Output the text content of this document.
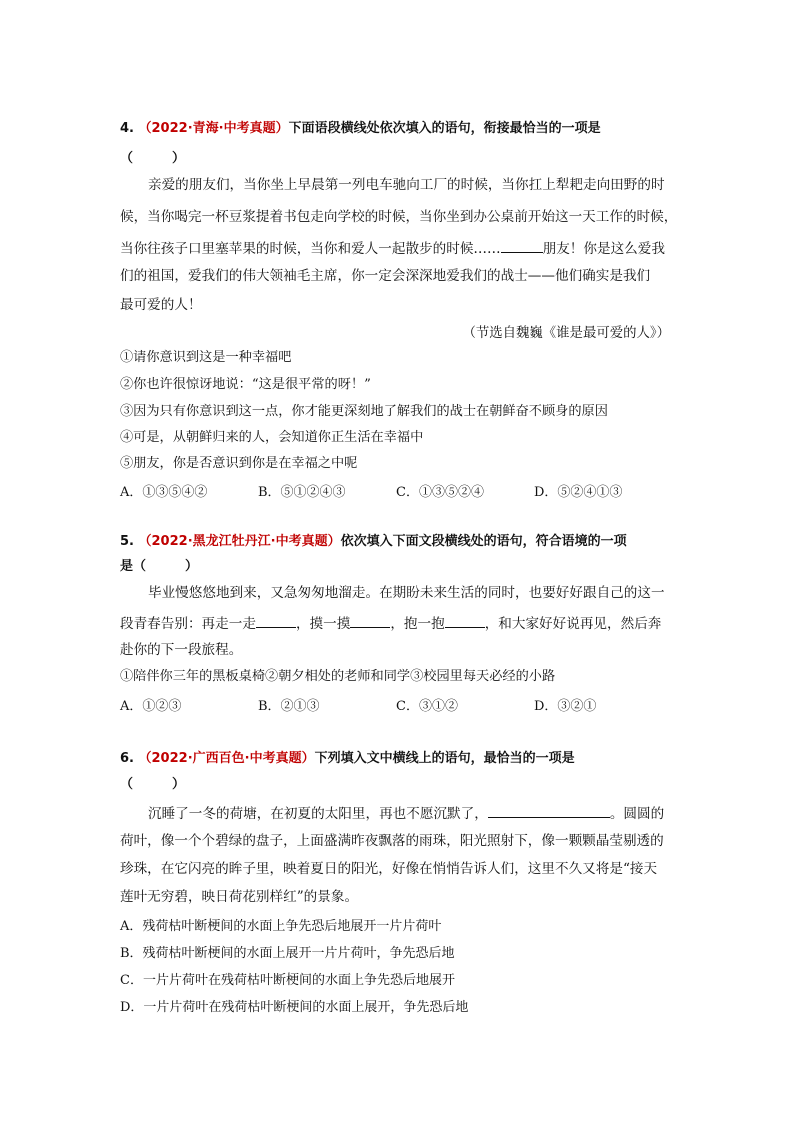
4. （2022·青海·中考真题）下面语段横线处依次填入的语句，衔接最恰当的一项是
（　　　）
亲爱的朋友们，当你坐上早晨第一列电车驰向工厂的时候，当你扛上犁耙走向田野的时
候，当你喝完一杯豆浆提着书包走向学校的时候，当你坐到办公桌前开始这一天工作的时候，
当你往孩子口里塞苹果的时候，当你和爱人一起散步的时候……	朋友！你是这么爱我
们的祖国，爱我们的伟大领袖毛主席，你一定会深深地爱我们的战士——他们确实是我们
最可爱的人！
（节选自魏巍《谁是最可爱的人》）
①请你意识到这是一种幸福吧
②你也许很惊讶地说：“这是很平常的呀！”
③因为只有你意识到这一点，你才能更深刻地了解我们的战士在朝鲜奋不顾身的原因
④可是，从朝鲜归来的人，会知道你正生活在幸福中
⑤朋友，你是否意识到你是在幸福之中呢
A．①③⑤④②	B．⑤①②④③	C．①③⑤②④	D．⑤②④①③
5. （2022·黑龙江牡丹江·中考真题）依次填入下面文段横线处的语句，符合语境的一项
是（　　　）
毕业慢悠悠地到来，又急匆匆地溜走。在期盼未来生活的同时，也要好好跟自己的这一
段青春告别：再走一走	，摸一摸	，抱一抱	，和大家好好说再见，然后奔
赴你的下一段旅程。
①陪伴你三年的黑板桌椅②朝夕相处的老师和同学③校园里每天必经的小路
A．①②③	B．②①③	C．③①②	D．③②①
6. （2022·广西百色·中考真题）下列填入文中横线上的语句，最恰当的一项是
（　　　）
沉睡了一冬的荷塘，在初夏的太阳里，再也不愿沉默了，	。圆圆的
荷叶，像一个个碧绿的盘子，上面盛满昨夜飘落的雨珠，阳光照射下，像一颗颗晶莹剔透的
珍珠，在它闪亮的眸子里，映着夏日的阳光，好像在悄悄告诉人们，这里不久又将是“接天
莲叶无穷碧，映日荷花别样红”的景象。
A．残荷枯叶断梗间的水面上争先恐后地展开一片片荷叶
B．残荷枯叶断梗间的水面上展开一片片荷叶，争先恐后地
C．一片片荷叶在残荷枯叶断梗间的水面上争先恐后地展开
D．一片片荷叶在残荷枯叶断梗间的水面上展开，争先恐后地
